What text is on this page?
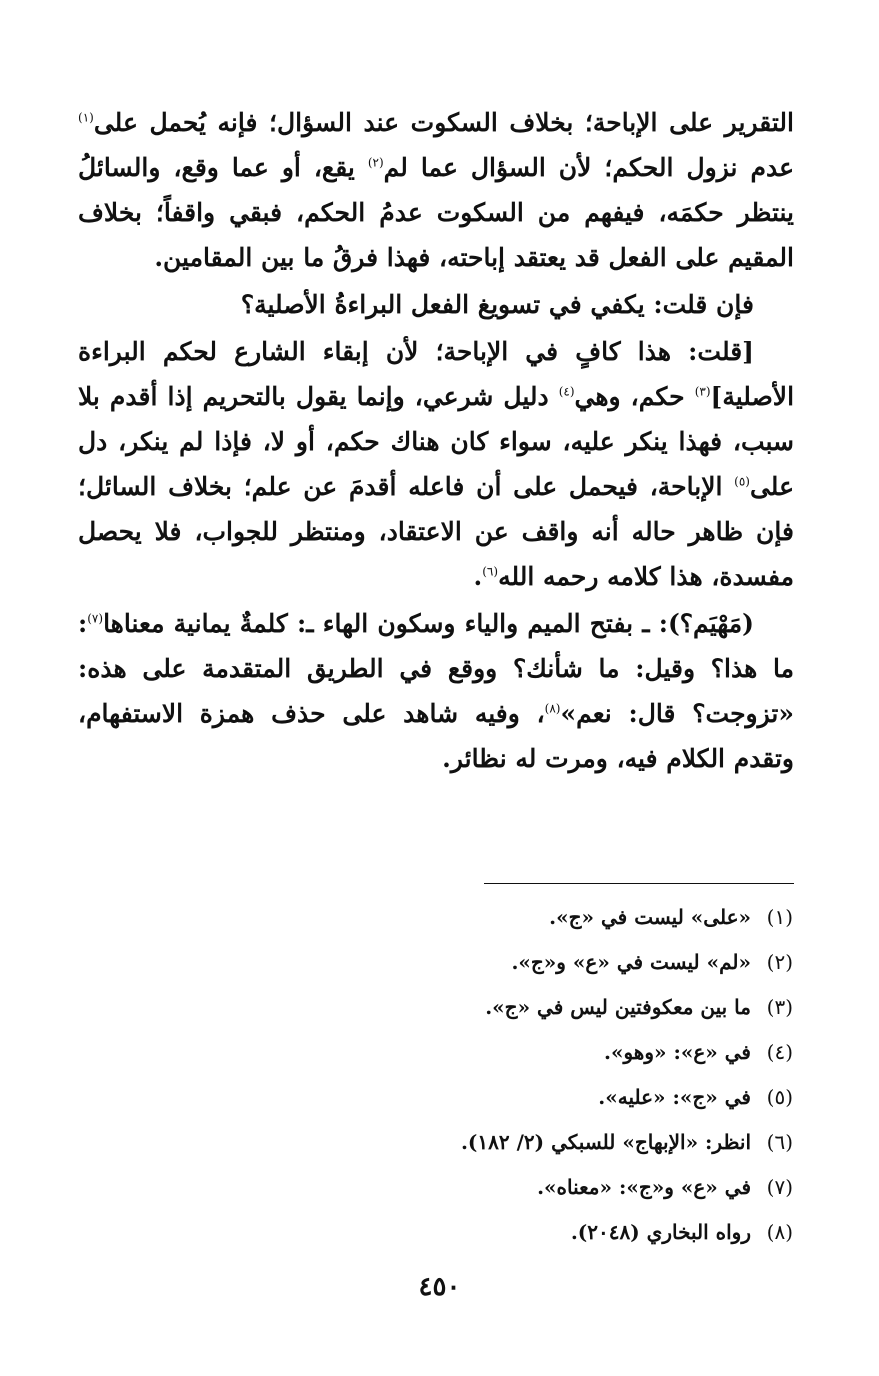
التقرير على الإباحة؛ بخلاف السكوت عند السؤال؛ فإنه يُحمل على$^{(١)}$ عدم نزول الحكم؛ لأن السؤال عما لم$^{(٢)}$ يقع، أو عما وقع، والسائلُ ينتظر حكمَه، فيفهم من السكوت عدمُ الحكم، فبقي واقفاً؛ بخلاف المقيم على الفعل قد يعتقد إباحته، فهذا فرقُ ما بين المقامين.

فإن قلت: يكفي في تسويغ الفعل البراءةُ الأصلية؟

[قلت: هذا كافٍ في الإباحة؛ لأن إبقاء الشارع لحكم البراءة الأصلية]$^{(٣)}$ حكم، وهي$^{(٤)}$ دليل شرعي، وإنما يقول بالتحريم إذا أقدم بلا سبب، فهذا ينكر عليه، سواء كان هناك حكم، أو لا، فإذا لم ينكر، دل على$^{(٥)}$ الإباحة، فيحمل على أن فاعله أقدمَ عن علم؛ بخلاف السائل؛ فإن ظاهر حاله أنه واقف عن الاعتقاد، ومنتظر للجواب، فلا يحصل مفسدة، هذا كلامه رحمه الله$^{(٦)}$.

(مَهْيَم؟): ـ بفتح الميم والياء وسكون الهاء ـ: كلمةٌ يمانية معناها$^{(٧)}$: ما هذا؟ وقيل: ما شأنك؟ ووقع في الطريق المتقدمة على هذه: «تزوجت؟ قال: نعم»$^{(٨)}$، وفيه شاهد على حذف همزة الاستفهام، وتقدم الكلام فيه، ومرت له نظائر.

(١)
«على» ليست في «ج».
(٢)
«لم» ليست في «ع» و«ج».
(٣)
ما بين معكوفتين ليس في «ج».
(٤)
في «ع»: «وهو».
(٥)
في «ج»: «عليه».
(٦)
انظر: «الإبهاج» للسبكي (٢/ ١٨٢).
(٧)
في «ع» و«ج»: «معناه».
(٨)
رواه البخاري (٢٠٤٨).
٤٥٠
